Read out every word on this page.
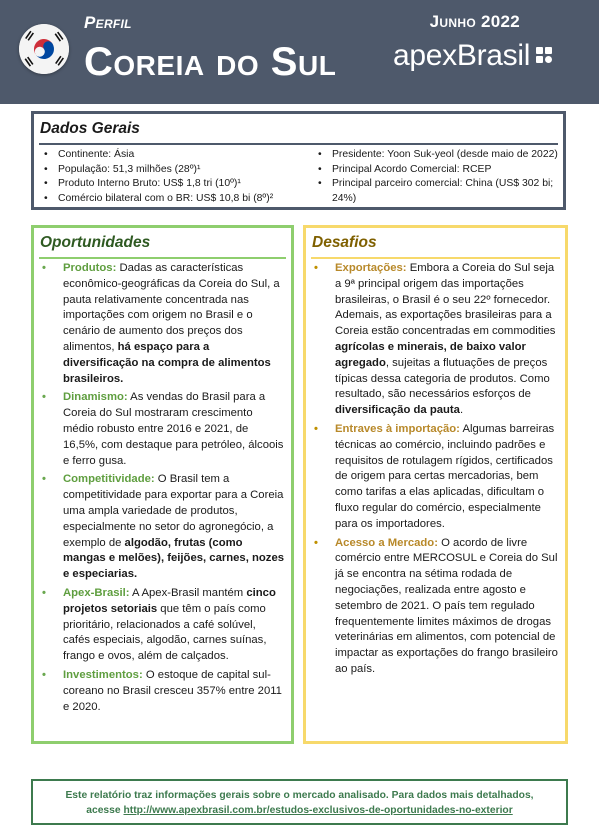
Perfil
Coreia do Sul
Junho 2022
apexBrasil
Dados Gerais
• Continente: Ásia
• População: 51,3 milhões (28º)¹
• Produto Interno Bruto: US$ 1,8 tri (10º)¹
• Comércio bilateral com o BR: US$ 10,8 bi (8º)²
• Presidente: Yoon Suk-yeol (desde maio de 2022)
• Principal Acordo Comercial: RCEP
• Principal parceiro comercial: China (US$ 302 bi; 24%)
Oportunidades

• Produtos: Dadas as características econômico-geográficas da Coreia do Sul, a pauta relativamente concentrada nas importações com origem no Brasil e o cenário de aumento dos preços dos alimentos, há espaço para a diversificação na compra de alimentos brasileiros.

• Dinamismo: As vendas do Brasil para a Coreia do Sul mostraram crescimento médio robusto entre 2016 e 2021, de 16,5%, com destaque para petróleo, álcoois e ferro gusa.

• Competitividade: O Brasil tem a competitividade para exportar para a Coreia uma ampla variedade de produtos, especialmente no setor do agronegócio, a exemplo de algodão, frutas (como mangas e melões), feijões, carnes, nozes e especiarias.

• Apex-Brasil: A Apex-Brasil mantém cinco projetos setoriais que têm o país como prioritário, relacionados a café solúvel, cafés especiais, algodão, carnes suínas, frango e ovos, além de calçados.

• Investimentos: O estoque de capital sul-coreano no Brasil cresceu 357% entre 2011 e 2020.

Desafios

• Exportações: Embora a Coreia do Sul seja a 9ª principal origem das importações brasileiras, o Brasil é o seu 22º fornecedor. Ademais, as exportações brasileiras para a Coreia estão concentradas em commodities agrícolas e minerais, de baixo valor agregado, sujeitas a flutuações de preços típicas dessa categoria de produtos. Como resultado, são necessários esforços de diversificação da pauta.

• Entraves à importação: Algumas barreiras técnicas ao comércio, incluindo padrões e requisitos de rotulagem rígidos, certificados de origem para certas mercadorias, bem como tarifas a elas aplicadas, dificultam o fluxo regular do comércio, especialmente para os importadores.

• Acesso a Mercado: O acordo de livre comércio entre MERCOSUL e Coreia do Sul já se encontra na sétima rodada de negociações, realizada entre agosto e setembro de 2021. O país tem regulado frequentemente limites máximos de drogas veterinárias em alimentos, com potencial de impactar as exportações do frango brasileiro ao país.

Este relatório traz informações gerais sobre o mercado analisado. Para dados mais detalhados,
acesse http://www.apexbrasil.com.br/estudos-exclusivos-de-oportunidades-no-exterior
